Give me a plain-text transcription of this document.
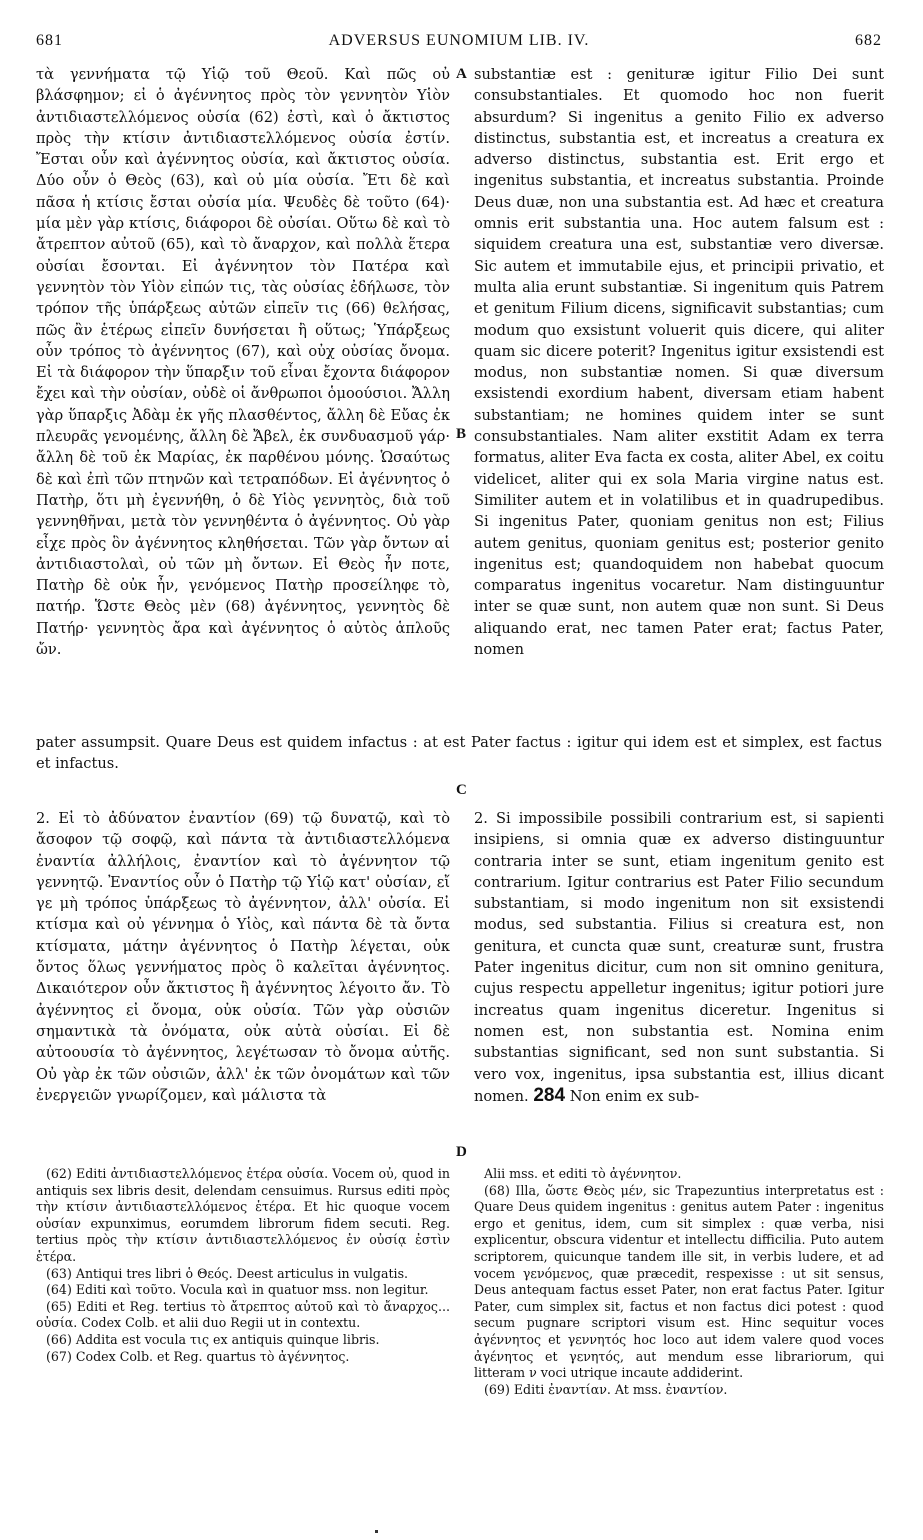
681	ADVERSUS EUNOMIUM LIB. IV.	682

τὰ γεννήματα τῷ Υἱῷ τοῦ Θεοῦ. Καὶ πῶς οὐ βλάσφημον; εἰ ὁ ἀγέννητος πρὸς τὸν γεννητὸν Υἱὸν ἀντιδιαστελλόμενος οὐσία (62) ἐστὶ, καὶ ὁ ἄκτιστος πρὸς τὴν κτίσιν ἀντιδιαστελλόμενος οὐσία ἐστίν. Ἔσται οὖν καὶ ἀγέννητος οὐσία, καὶ ἄκτιστος οὐσία. Δύο οὖν ὁ Θεὸς (63), καὶ οὐ μία οὐσία. Ἔτι δὲ καὶ πᾶσα ἡ κτίσις ἔσται οὐσία μία. Ψευδὲς δὲ τοῦτο (64)· μία μὲν γὰρ κτίσις, διάφοροι δὲ οὐσίαι. Οὕτω δὲ καὶ τὸ ἄτρεπτον αὐτοῦ (65), καὶ τὸ ἄναρχον, καὶ πολλὰ ἕτερα οὐσίαι ἔσονται. Εἰ ἀγέννητον τὸν Πατέρα καὶ γεννητὸν τὸν Υἱὸν εἰπών τις, τὰς οὐσίας ἐδήλωσε, τὸν τρόπον τῆς ὑπάρξεως αὐτῶν εἰπεῖν τις (66) θελήσας, πῶς ἂν ἑτέρως εἰπεῖν δυνήσεται ἢ οὕτως; Ὑπάρξεως οὖν τρόπος τὸ ἀγέννητος (67), καὶ οὐχ οὐσίας ὄνομα. Εἰ τὰ διάφορον τὴν ὕπαρξιν τοῦ εἶναι ἔχοντα διάφορον ἔχει καὶ τὴν οὐσίαν, οὐδὲ οἱ ἄνθρωποι ὁμοούσιοι. Ἄλλη γὰρ ὕπαρξις Ἀδὰμ ἐκ γῆς πλασθέντος, ἄλλη δὲ Εὔας ἐκ πλευρᾶς γενομένης, ἄλλη δὲ Ἄβελ, ἐκ συνδυασμοῦ γάρ· ἄλλη δὲ τοῦ ἐκ Μαρίας, ἐκ παρθένου μόνης. Ὡσαύτως δὲ καὶ ἐπὶ τῶν πτηνῶν καὶ τετραπόδων. Εἰ ἀγέννητος ὁ Πατὴρ, ὅτι μὴ ἐγεννήθη, ὁ δὲ Υἱὸς γεννητὸς, διὰ τοῦ γεννηθῆναι, μετὰ τὸν γεννηθέντα ὁ ἀγέννητος. Οὐ γὰρ εἶχε πρὸς ὃν ἀγέννητος κληθήσεται. Τῶν γὰρ ὄντων αἱ ἀντιδιαστολαὶ, οὐ τῶν μὴ ὄντων. Εἰ Θεὸς ἦν ποτε, Πατὴρ δὲ οὐκ ἦν, γενόμενος Πατὴρ προσείληφε τὸ, πατήρ. Ὥστε Θεὸς μὲν (68) ἀγέννητος, γεννητὸς δὲ Πατήρ· γεννητὸς ἄρα καὶ ἀγέννητος ὁ αὐτὸς ἁπλοῦς ὤν.

A
B
C
D

substantiæ est : genituræ igitur Filio Dei sunt consubstantiales. Et quomodo hoc non fuerit absurdum? Si ingenitus a genito Filio ex adverso distinctus, substantia est, et increatus a creatura ex adverso distinctus, substantia est. Erit ergo et ingenitus substantia, et increatus substantia. Proinde Deus duæ, non una substantia est. Ad hæc et creatura omnis erit substantia una. Hoc autem falsum est : siquidem creatura una est, substantiæ vero diversæ. Sic autem et immutabile ejus, et principii privatio, et multa alia erunt substantiæ. Si ingenitum quis Patrem et genitum Filium dicens, significavit substantias; cum modum quo exsistunt voluerit quis dicere, qui aliter quam sic dicere poterit? Ingenitus igitur exsistendi est modus, non substantiæ nomen. Si quæ diversum exsistendi exordium habent, diversam etiam habent substantiam; ne homines quidem inter se sunt consubstantiales. Nam aliter exstitit Adam ex terra formatus, aliter Eva facta ex costa, aliter Abel, ex coitu videlicet, aliter qui ex sola Maria virgine natus est. Similiter autem et in volatilibus et in quadrupedibus. Si ingenitus Pater, quoniam genitus non est; Filius autem genitus, quoniam genitus est; posterior genito ingenitus est; quandoquidem non habebat quocum comparatus ingenitus vocaretur. Nam distinguuntur inter se quæ sunt, non autem quæ non sunt. Si Deus aliquando erat, nec tamen Pater erat; factus Pater, nomen

pater assumpsit. Quare Deus est quidem infactus : at est Pater factus : igitur qui idem est et simplex, est factus et infactus.

2. Εἰ τὸ ἀδύνατον ἐναντίον (69) τῷ δυνατῷ, καὶ τὸ ἄσοφον τῷ σοφῷ, καὶ πάντα τὰ ἀντιδιαστελλόμενα ἐναντία ἀλλήλοις, ἐναντίον καὶ τὸ ἀγέννητον τῷ γεννητῷ. Ἐναντίος οὖν ὁ Πατὴρ τῷ Υἱῷ κατ' οὐσίαν, εἴ γε μὴ τρόπος ὑπάρξεως τὸ ἀγέννητον, ἀλλ' οὐσία. Εἰ κτίσμα καὶ οὐ γέννημα ὁ Υἱὸς, καὶ πάντα δὲ τὰ ὄντα κτίσματα, μάτην ἀγέννητος ὁ Πατὴρ λέγεται, οὐκ ὄντος ὅλως γεννήματος πρὸς ὃ καλεῖται ἀγέννητος. Δικαιότερον οὖν ἄκτιστος ἢ ἀγέννητος λέγοιτο ἄν. Τὸ ἀγέννητος εἰ ὄνομα, οὐκ οὐσία. Τῶν γὰρ οὐσιῶν σημαντικὰ τὰ ὀνόματα, οὐκ αὐτὰ οὐσίαι. Εἰ δὲ αὐτοουσία τὸ ἀγέννητος, λεγέτωσαν τὸ ὄνομα αὐτῆς. Οὐ γὰρ ἐκ τῶν οὐσιῶν, ἀλλ' ἐκ τῶν ὀνομάτων καὶ τῶν ἐνεργειῶν γνωρίζομεν, καὶ μάλιστα τὰ

2. Si impossibile possibili contrarium est, si sapienti insipiens, si omnia quæ ex adverso distinguuntur contraria inter se sunt, etiam ingenitum genito est contrarium. Igitur contrarius est Pater Filio secundum substantiam, si modo ingenitum non sit exsistendi modus, sed substantia. Filius si creatura est, non genitura, et cuncta quæ sunt, creaturæ sunt, frustra Pater ingenitus dicitur, cum non sit omnino genitura, cujus respectu appelletur ingenitus; igitur potiori jure increatus quam ingenitus diceretur. Ingenitus si nomen est, non substantia est. Nomina enim substantias significant, sed non sunt substantia. Si vero vox, ingenitus, ipsa substantia est, illius dicant nomen. 284 Non enim ex sub-

(62) Editi ἀντιδιαστελλόμενος ἑτέρα οὐσία. Vocem οὐ, quod in antiquis sex libris desit, delendam censuimus. Rursus editi πρὸς τὴν κτίσιν ἀντιδιαστελλόμενος ἑτέρα. Et hic quoque vocem οὐσίαν expunximus, eorumdem librorum fidem secuti. Reg. tertius πρὸς τὴν κτίσιν ἀντιδιαστελλόμενος ἐν οὐσίᾳ ἐστὶν ἑτέρα.

(63) Antiqui tres libri ὁ Θεός. Deest articulus in vulgatis.

(64) Editi καὶ τοῦτο. Vocula καὶ in quatuor mss. non legitur.

(65) Editi et Reg. tertius τὸ ἄτρεπτος αὐτοῦ καὶ τὸ ἄναρχος... οὐσία. Codex Colb. et alii duo Regii ut in contextu.

(66) Addita est vocula τις ex antiquis quinque libris.

(67) Codex Colb. et Reg. quartus τὸ ἀγέννητος.

Alii mss. et editi τὸ ἀγέννητον.

(68) Illa, ὥστε Θεὸς μέν, sic Trapezuntius interpretatus est : Quare Deus quidem ingenitus : genitus autem Pater : ingenitus ergo et genitus, idem, cum sit simplex : quæ verba, nisi explicentur, obscura videntur et intellectu difficilia. Puto autem scriptorem, quicunque tandem ille sit, in verbis ludere, et ad vocem γενόμενος, quæ præcedit, respexisse : ut sit sensus, Deus antequam factus esset Pater, non erat factus Pater. Igitur Pater, cum simplex sit, factus et non factus dici potest : quod secum pugnare scriptori visum est. Hinc sequitur voces ἀγέννητος et γεννητός hoc loco aut idem valere quod voces ἀγένητος et γενητός, aut mendum esse librariorum, qui litteram ν voci utrique incaute addiderint.

(69) Editi ἐναντίαν. At mss. ἐναντίον.
